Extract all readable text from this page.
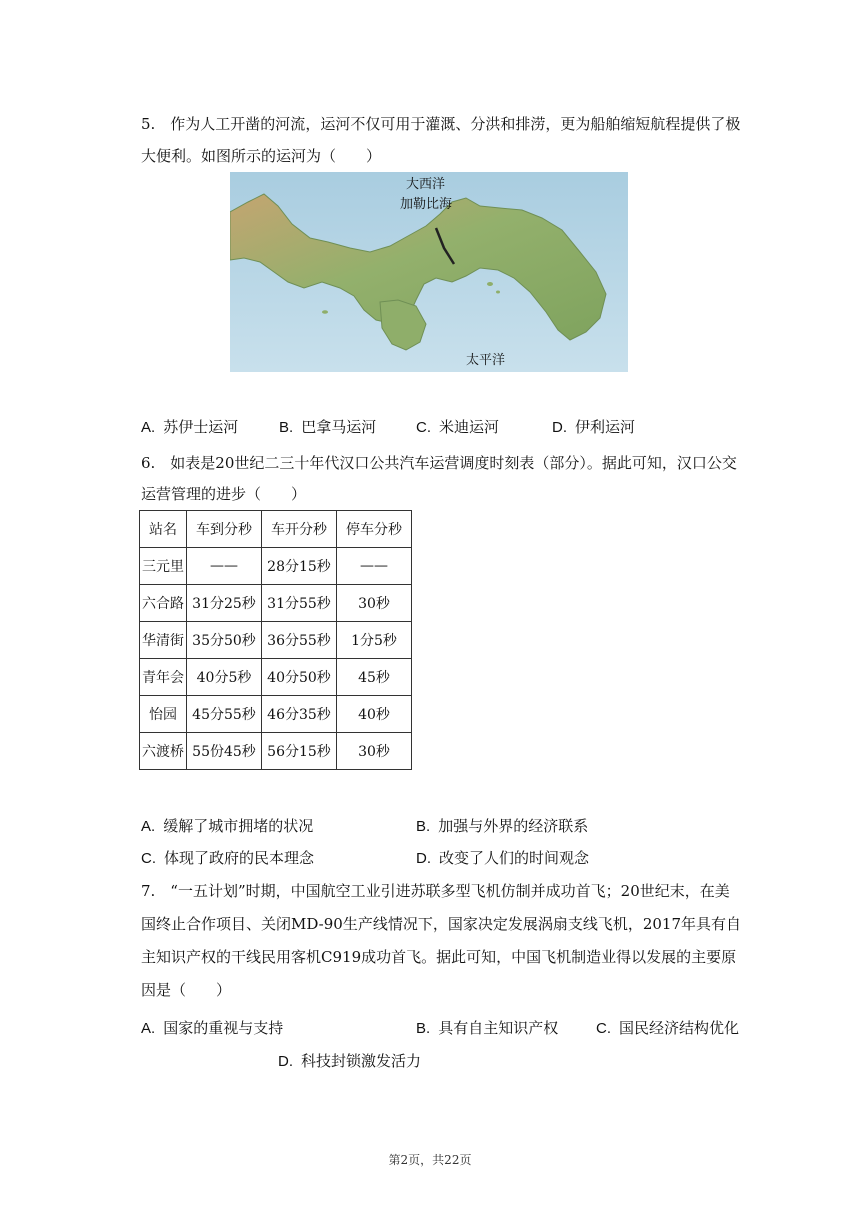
5.　作为人工开凿的河流，运河不仅可用于灌溉、分洪和排涝，更为船舶缩短航程提供了极
大便利。如图所示的运河为（　　）
大西洋
加勒比海
太平洋
A. 苏伊士运河	B. 巴拿马运河	C. 米迪运河	D. 伊利运河
6.　如表是20世纪二三十年代汉口公共汽车运营调度时刻表（部分）。据此可知，汉口公交
运营管理的进步（　　）
站名	车到分秒	车开分秒	停车分秒
三元里	——	28分15秒	——
六合路	31分25秒	31分55秒	30秒
华清街	35分50秒	36分55秒	1分5秒
青年会	40分5秒	40分50秒	45秒
怡园	45分55秒	46分35秒	40秒
六渡桥	55份45秒	56分15秒	30秒
A. 缓解了城市拥堵的状况	B. 加强与外界的经济联系
C. 体现了政府的民本理念	D. 改变了人们的时间观念
7.　“一五计划”时期，中国航空工业引进苏联多型飞机仿制并成功首飞；20世纪末，在美
国终止合作项目、关闭MD-90生产线情况下，国家决定发展涡扇支线飞机，2017年具有自
主知识产权的干线民用客机C919成功首飞。据此可知，中国飞机制造业得以发展的主要原
因是（　　）
A. 国家的重视与支持	B. 具有自主知识产权	C. 国民经济结构优化
D. 科技封锁激发活力
第2页，共22页
